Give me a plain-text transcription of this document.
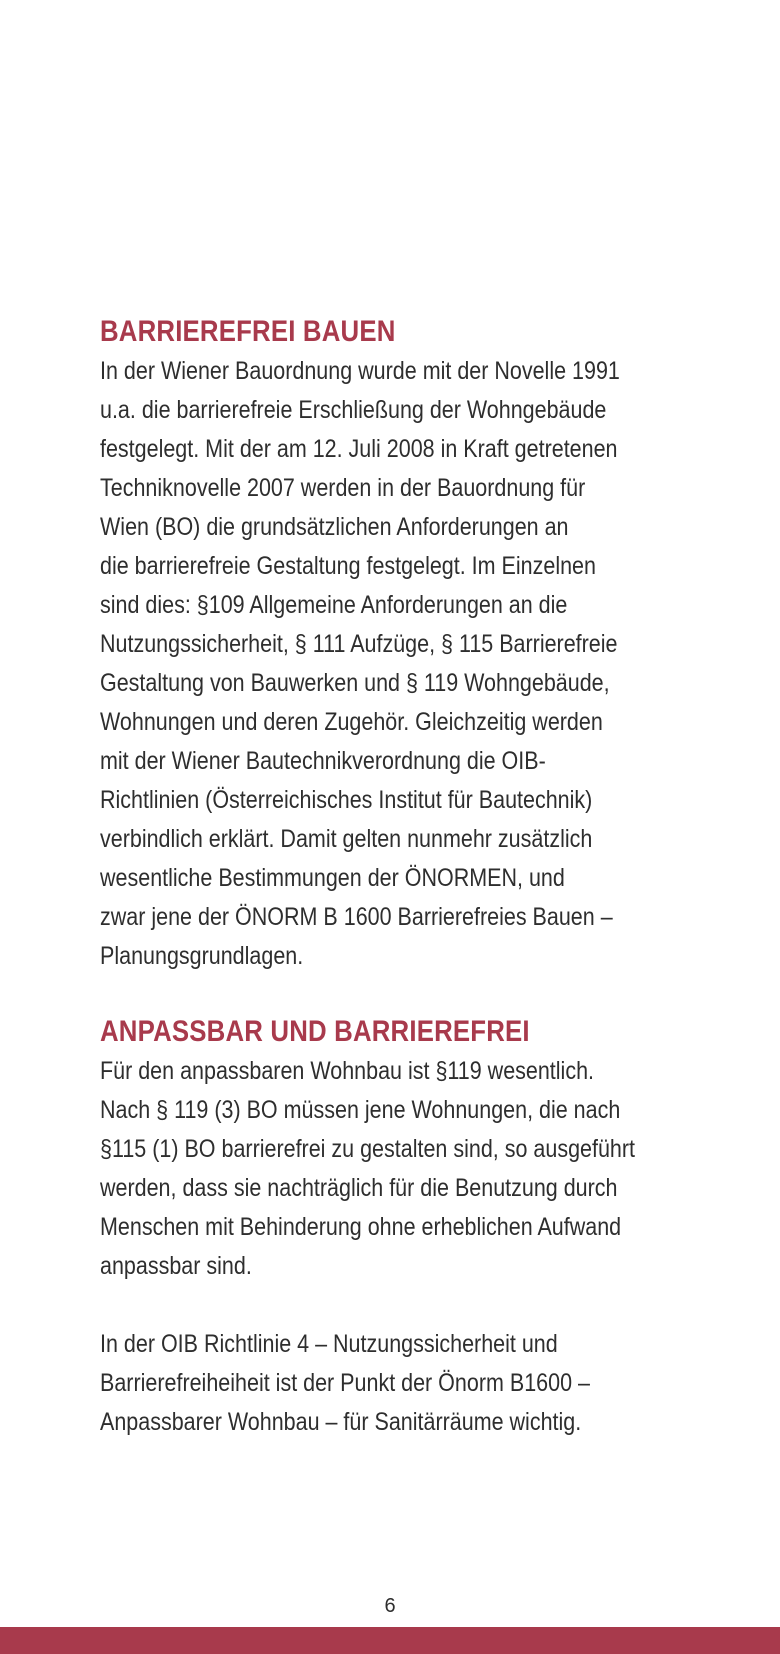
BARRIEREFREI BAUEN

In der Wiener Bauordnung wurde mit der Novelle 1991
u.a. die barrierefreie Erschließung der Wohngebäude
festgelegt. Mit der am 12. Juli 2008 in Kraft getretenen
Techniknovelle 2007 werden in der Bauordnung für
Wien (BO) die grundsätzlichen Anforderungen an
die barrierefreie Gestaltung festgelegt. Im Einzelnen
sind dies: §109 Allgemeine Anforderungen an die
Nutzungssicherheit, § 111 Aufzüge, § 115 Barrierefreie
Gestaltung von Bauwerken und § 119 Wohngebäude,
Wohnungen und deren Zugehör. Gleichzeitig werden
mit der Wiener Bautechnikverordnung die OIB-
Richtlinien (Österreichisches Institut für Bautechnik)
verbindlich erklärt. Damit gelten nunmehr zusätzlich
wesentliche Bestimmungen der ÖNORMEN, und
zwar jene der ÖNORM B 1600 Barrierefreies Bauen –
Planungsgrundlagen.

ANPASSBAR UND BARRIEREFREI

Für den anpassbaren Wohnbau ist §119 wesentlich.
Nach § 119 (3) BO müssen jene Wohnungen, die nach
§115 (1) BO barrierefrei zu gestalten sind, so ausgeführt
werden, dass sie nachträglich für die Benutzung durch
Menschen mit Behinderung ohne erheblichen Aufwand
anpassbar sind.

In der OIB Richtlinie 4 – Nutzungssicherheit und
Barrierefreiheiheit ist der Punkt der Önorm B1600 –
Anpassbarer Wohnbau – für Sanitärräume wichtig.

6
